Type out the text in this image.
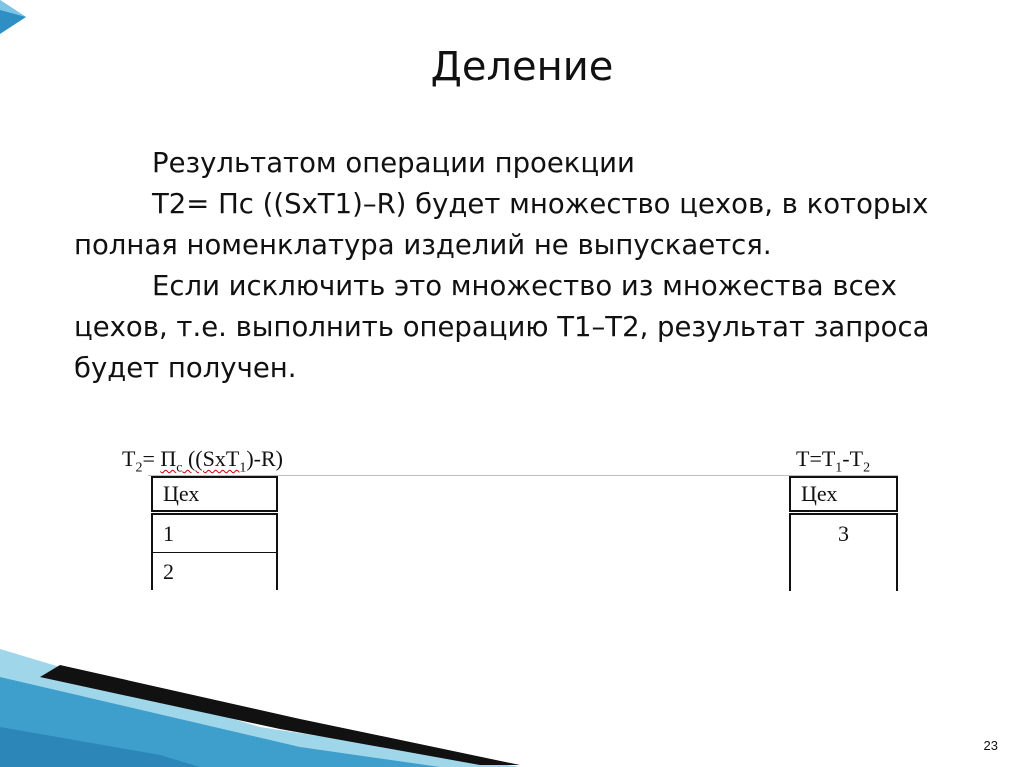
Деление

Результатом операции проекции

T2= Пс ((SxT1)–R) будет множество цехов, в которых полная номенклатура изделий не выпускается.

Если исключить это множество из множества всех цехов, т.е. выполнить операцию T1–T2, результат запроса будет получен.

$T_2= П_c$ ((SxT$_1$)-R)	$T=T_1-T_2$
Цех
1
2
Цех
3
23
